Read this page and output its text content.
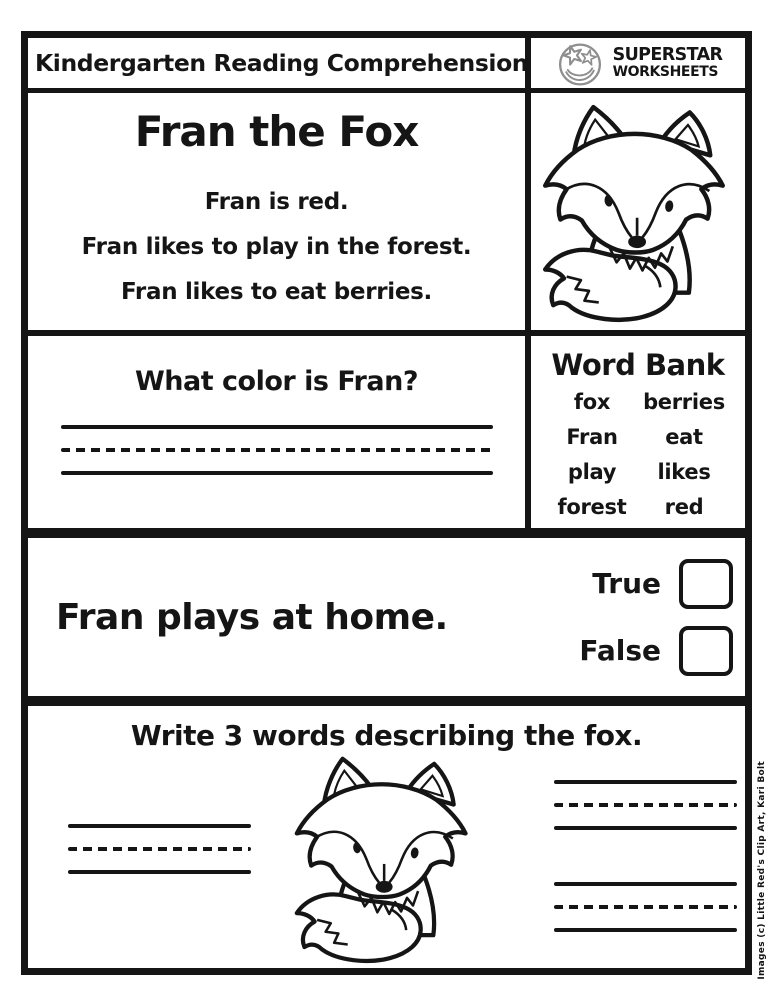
Kindergarten Reading Comprehension	SUPERSTAR
WORKSHEETS
Fran the Fox
Fran is red.
Fran likes to play in the forest.
Fran likes to eat berries.
What color is Fran?	Word Bank
fox	berries
Fran	eat
play	likes
forest	red
Fran plays at home.
True
False
Write 3 words describing the fox.
Images (c) Little Red's Clip Art, Kari Bolt
